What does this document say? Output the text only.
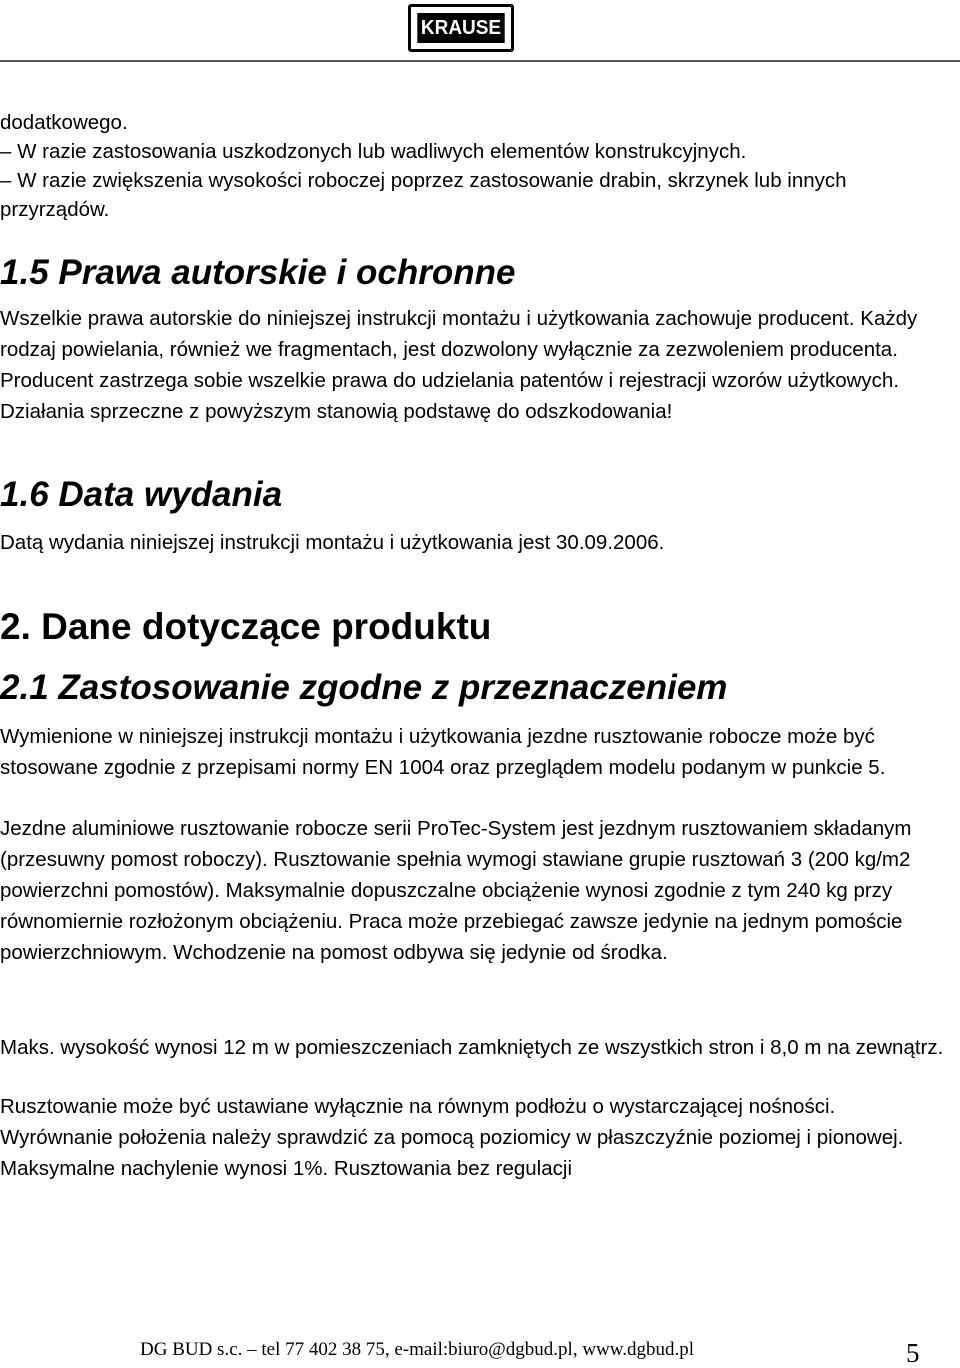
KRAUSE

dodatkowego.

– W razie zastosowania uszkodzonych lub wadliwych elementów konstrukcyjnych.

– W razie zwiększenia wysokości roboczej poprzez zastosowanie drabin, skrzynek lub innych przyrządów.

1.5 Prawa autorskie i ochronne

Wszelkie prawa autorskie do niniejszej instrukcji montażu i użytkowania zachowuje producent. Każdy rodzaj powielania, również we fragmentach, jest dozwolony wyłącznie za zezwoleniem producenta. Producent zastrzega sobie wszelkie prawa do udzielania patentów i rejestracji wzorów użytkowych. Działania sprzeczne z powyższym stanowią podstawę do odszkodowania!

1.6 Data wydania

Datą wydania niniejszej instrukcji montażu i użytkowania jest 30.09.2006.

2. Dane dotyczące produktu
2.1 Zastosowanie zgodne z przeznaczeniem

Wymienione w niniejszej instrukcji montażu i użytkowania jezdne rusztowanie robocze może być stosowane zgodnie z przepisami normy EN 1004 oraz przeglądem modelu podanym w punkcie 5.

Jezdne aluminiowe rusztowanie robocze serii ProTec-System jest jezdnym rusztowaniem składanym (przesuwny pomost roboczy). Rusztowanie spełnia wymogi stawiane grupie rusztowań 3 (200 kg/m2 powierzchni pomostów). Maksymalnie dopuszczalne obciążenie wynosi zgodnie z tym 240 kg przy równomiernie rozłożonym obciążeniu. Praca może przebiegać zawsze jedynie na jednym pomoście powierzchniowym. Wchodzenie na pomost odbywa się jedynie od środka.

Maks. wysokość wynosi 12 m w pomieszczeniach zamkniętych ze wszystkich stron i 8,0 m na zewnątrz.

Rusztowanie może być ustawiane wyłącznie na równym podłożu o wystarczającej nośności. Wyrównanie położenia należy sprawdzić za pomocą poziomicy w płaszczyźnie poziomej i pionowej. Maksymalne nachylenie wynosi 1%. Rusztowania bez regulacji

DG BUD s.c. – tel 77 402 38 75, e-mail:biuro@dgbud.pl, www.dgbud.pl	5
